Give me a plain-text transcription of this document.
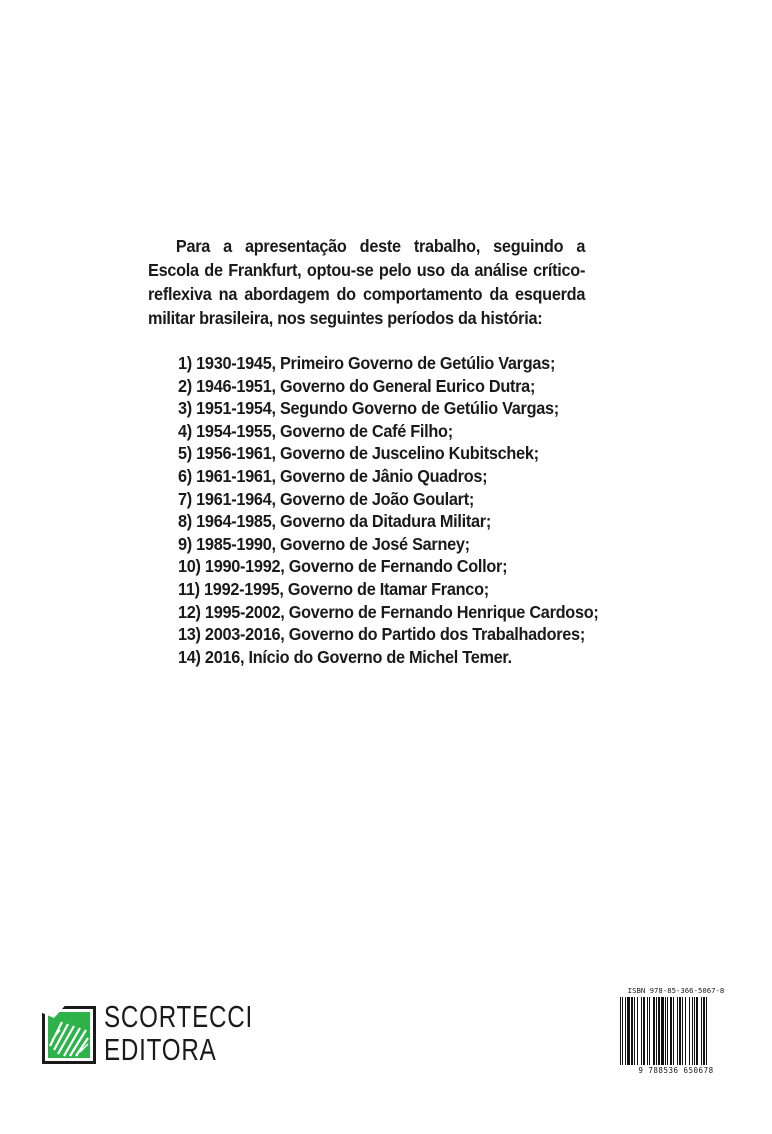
Para a apresentação deste trabalho, seguindo a Escola de Frankfurt, optou-se pelo uso da análise crítico-reflexiva na abordagem do comportamento da esquerda militar brasileira, nos seguintes períodos da história:

1) 1930-1945, Primeiro Governo de Getúlio Vargas;
2) 1946-1951, Governo do General Eurico Dutra;
3) 1951-1954, Segundo Governo de Getúlio Vargas;
4) 1954-1955, Governo de Café Filho;
5) 1956-1961, Governo de Juscelino Kubitschek;
6) 1961-1961, Governo de Jânio Quadros;
7) 1961-1964, Governo de João Goulart;
8) 1964-1985, Governo da Ditadura Militar;
9) 1985-1990, Governo de José Sarney;
10) 1990-1992, Governo de Fernando Collor;
11) 1992-1995, Governo de Itamar Franco;
12) 1995-2002, Governo de Fernando Henrique Cardoso;
13) 2003-2016, Governo do Partido dos Trabalhadores;
14) 2016, Início do Governo de Michel Temer.
SCORTECCI
EDITORA
ISBN 978-85-366-5067-8
9 788536 650678
